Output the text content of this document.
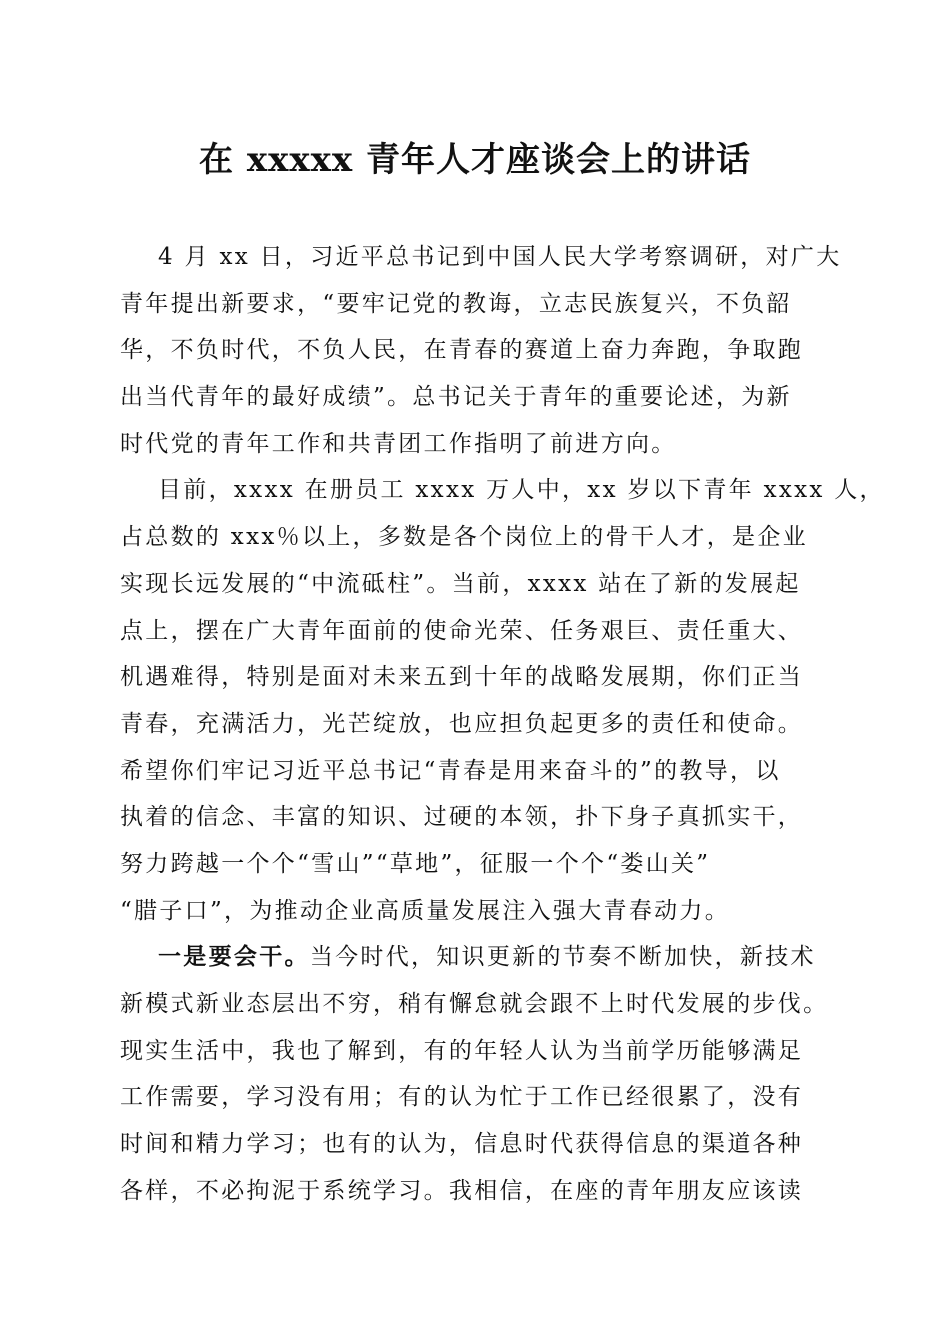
在 xxxxx 青年人才座谈会上的讲话
4 月 xx 日，习近平总书记到中国人民大学考察调研，对广大
青年提出新要求，“要牢记党的教诲，立志民族复兴，不负韶
华，不负时代，不负人民，在青春的赛道上奋力奔跑，争取跑
出当代青年的最好成绩”。总书记关于青年的重要论述，为新
时代党的青年工作和共青团工作指明了前进方向。
目前，xxxx 在册员工 xxxx 万人中，xx 岁以下青年 xxxx 人，
占总数的 xxx％以上，多数是各个岗位上的骨干人才，是企业
实现长远发展的“中流砥柱”。当前，xxxx 站在了新的发展起
点上，摆在广大青年面前的使命光荣、任务艰巨、责任重大、
机遇难得，特别是面对未来五到十年的战略发展期，你们正当
青春，充满活力，光芒绽放，也应担负起更多的责任和使命。
希望你们牢记习近平总书记“青春是用来奋斗的”的教导，以
执着的信念、丰富的知识、过硬的本领，扑下身子真抓实干，
努力跨越一个个“雪山”“草地”，征服一个个“娄山关”
“腊子口”，为推动企业高质量发展注入强大青春动力。
一是要会干。当今时代，知识更新的节奏不断加快，新技术
新模式新业态层出不穷，稍有懈怠就会跟不上时代发展的步伐。
现实生活中，我也了解到，有的年轻人认为当前学历能够满足
工作需要，学习没有用；有的认为忙于工作已经很累了，没有
时间和精力学习；也有的认为，信息时代获得信息的渠道各种
各样，不必拘泥于系统学习。我相信，在座的青年朋友应该读
